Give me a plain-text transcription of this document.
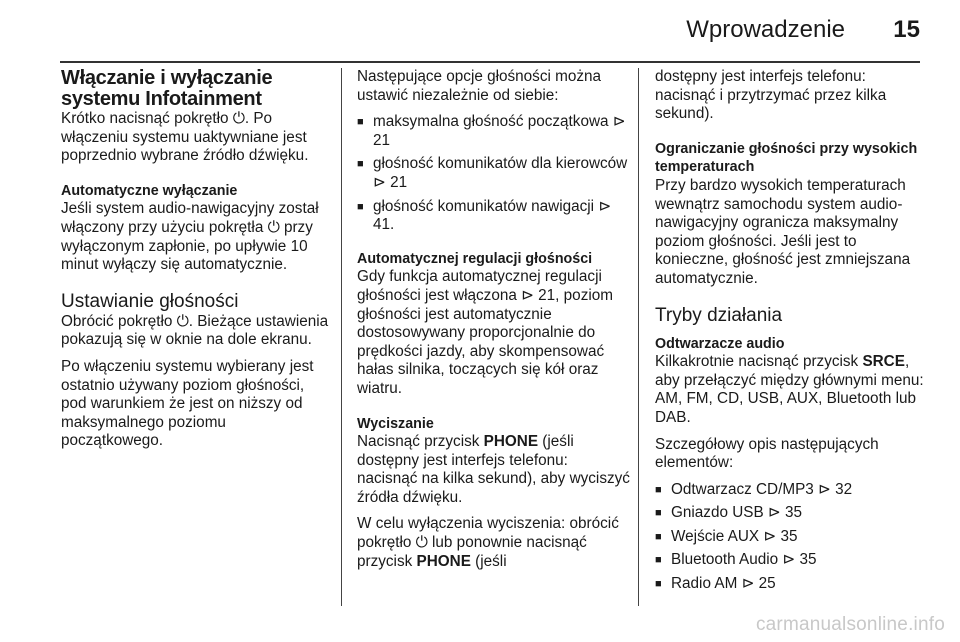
Wprowadzenie 15
Włączanie i wyłączanie systemu Infotainment

Krótko nacisnąć pokrętło ⏻. Po włączeniu systemu uaktywniane jest poprzednio wybrane źródło dźwięku.

Automatyczne wyłączanie

Jeśli system audio-nawigacyjny został włączony przy użyciu pokrętła ⏻ przy wyłączonym zapłonie, po upływie 10 minut wyłączy się automatycznie.

Ustawianie głośności

Obrócić pokrętło ⏻. Bieżące ustawienia pokazują się w oknie na dole ekranu.

Po włączeniu systemu wybierany jest ostatnio używany poziom głośności, pod warunkiem że jest on niższy od maksymalnego poziomu początkowego.

Następujące opcje głośności można ustawić niezależnie od siebie:

■ maksymalna głośność początkowa ⊳ 21
■ głośność komunikatów dla kierowców ⊳ 21
■ głośność komunikatów nawigacji ⊳ 41.
Automatycznej regulacji głośności

Gdy funkcja automatycznej regulacji głośności jest włączona ⊳ 21, poziom głośności jest automatycznie dostosowywany proporcjonalnie do prędkości jazdy, aby skompensować hałas silnika, toczących się kół oraz wiatru.

Wyciszanie

Nacisnąć przycisk PHONE (jeśli dostępny jest interfejs telefonu: nacisnąć na kilka sekund), aby wyciszyć źródła dźwięku.

W celu wyłączenia wyciszenia: obrócić pokrętło ⏻ lub ponownie nacisnąć przycisk PHONE (jeśli

dostępny jest interfejs telefonu: nacisnąć i przytrzymać przez kilka sekund).

Ograniczanie głośności przy wysokich temperaturach

Przy bardzo wysokich temperaturach wewnątrz samochodu system audio-nawigacyjny ogranicza maksymalny poziom głośności. Jeśli jest to konieczne, głośność jest zmniejszana automatycznie.

Tryby działania
Odtwarzacze audio

Kilkakrotnie nacisnąć przycisk SRCE, aby przełączyć między głównymi menu: AM, FM, CD, USB, AUX, Bluetooth lub DAB.

Szczegółowy opis następujących elementów:

■ Odtwarzacz CD/MP3 ⊳ 32
■ Gniazdo USB ⊳ 35
■ Wejście AUX ⊳ 35
■ Bluetooth Audio ⊳ 35
■ Radio AM ⊳ 25
carmanualsonline.info
